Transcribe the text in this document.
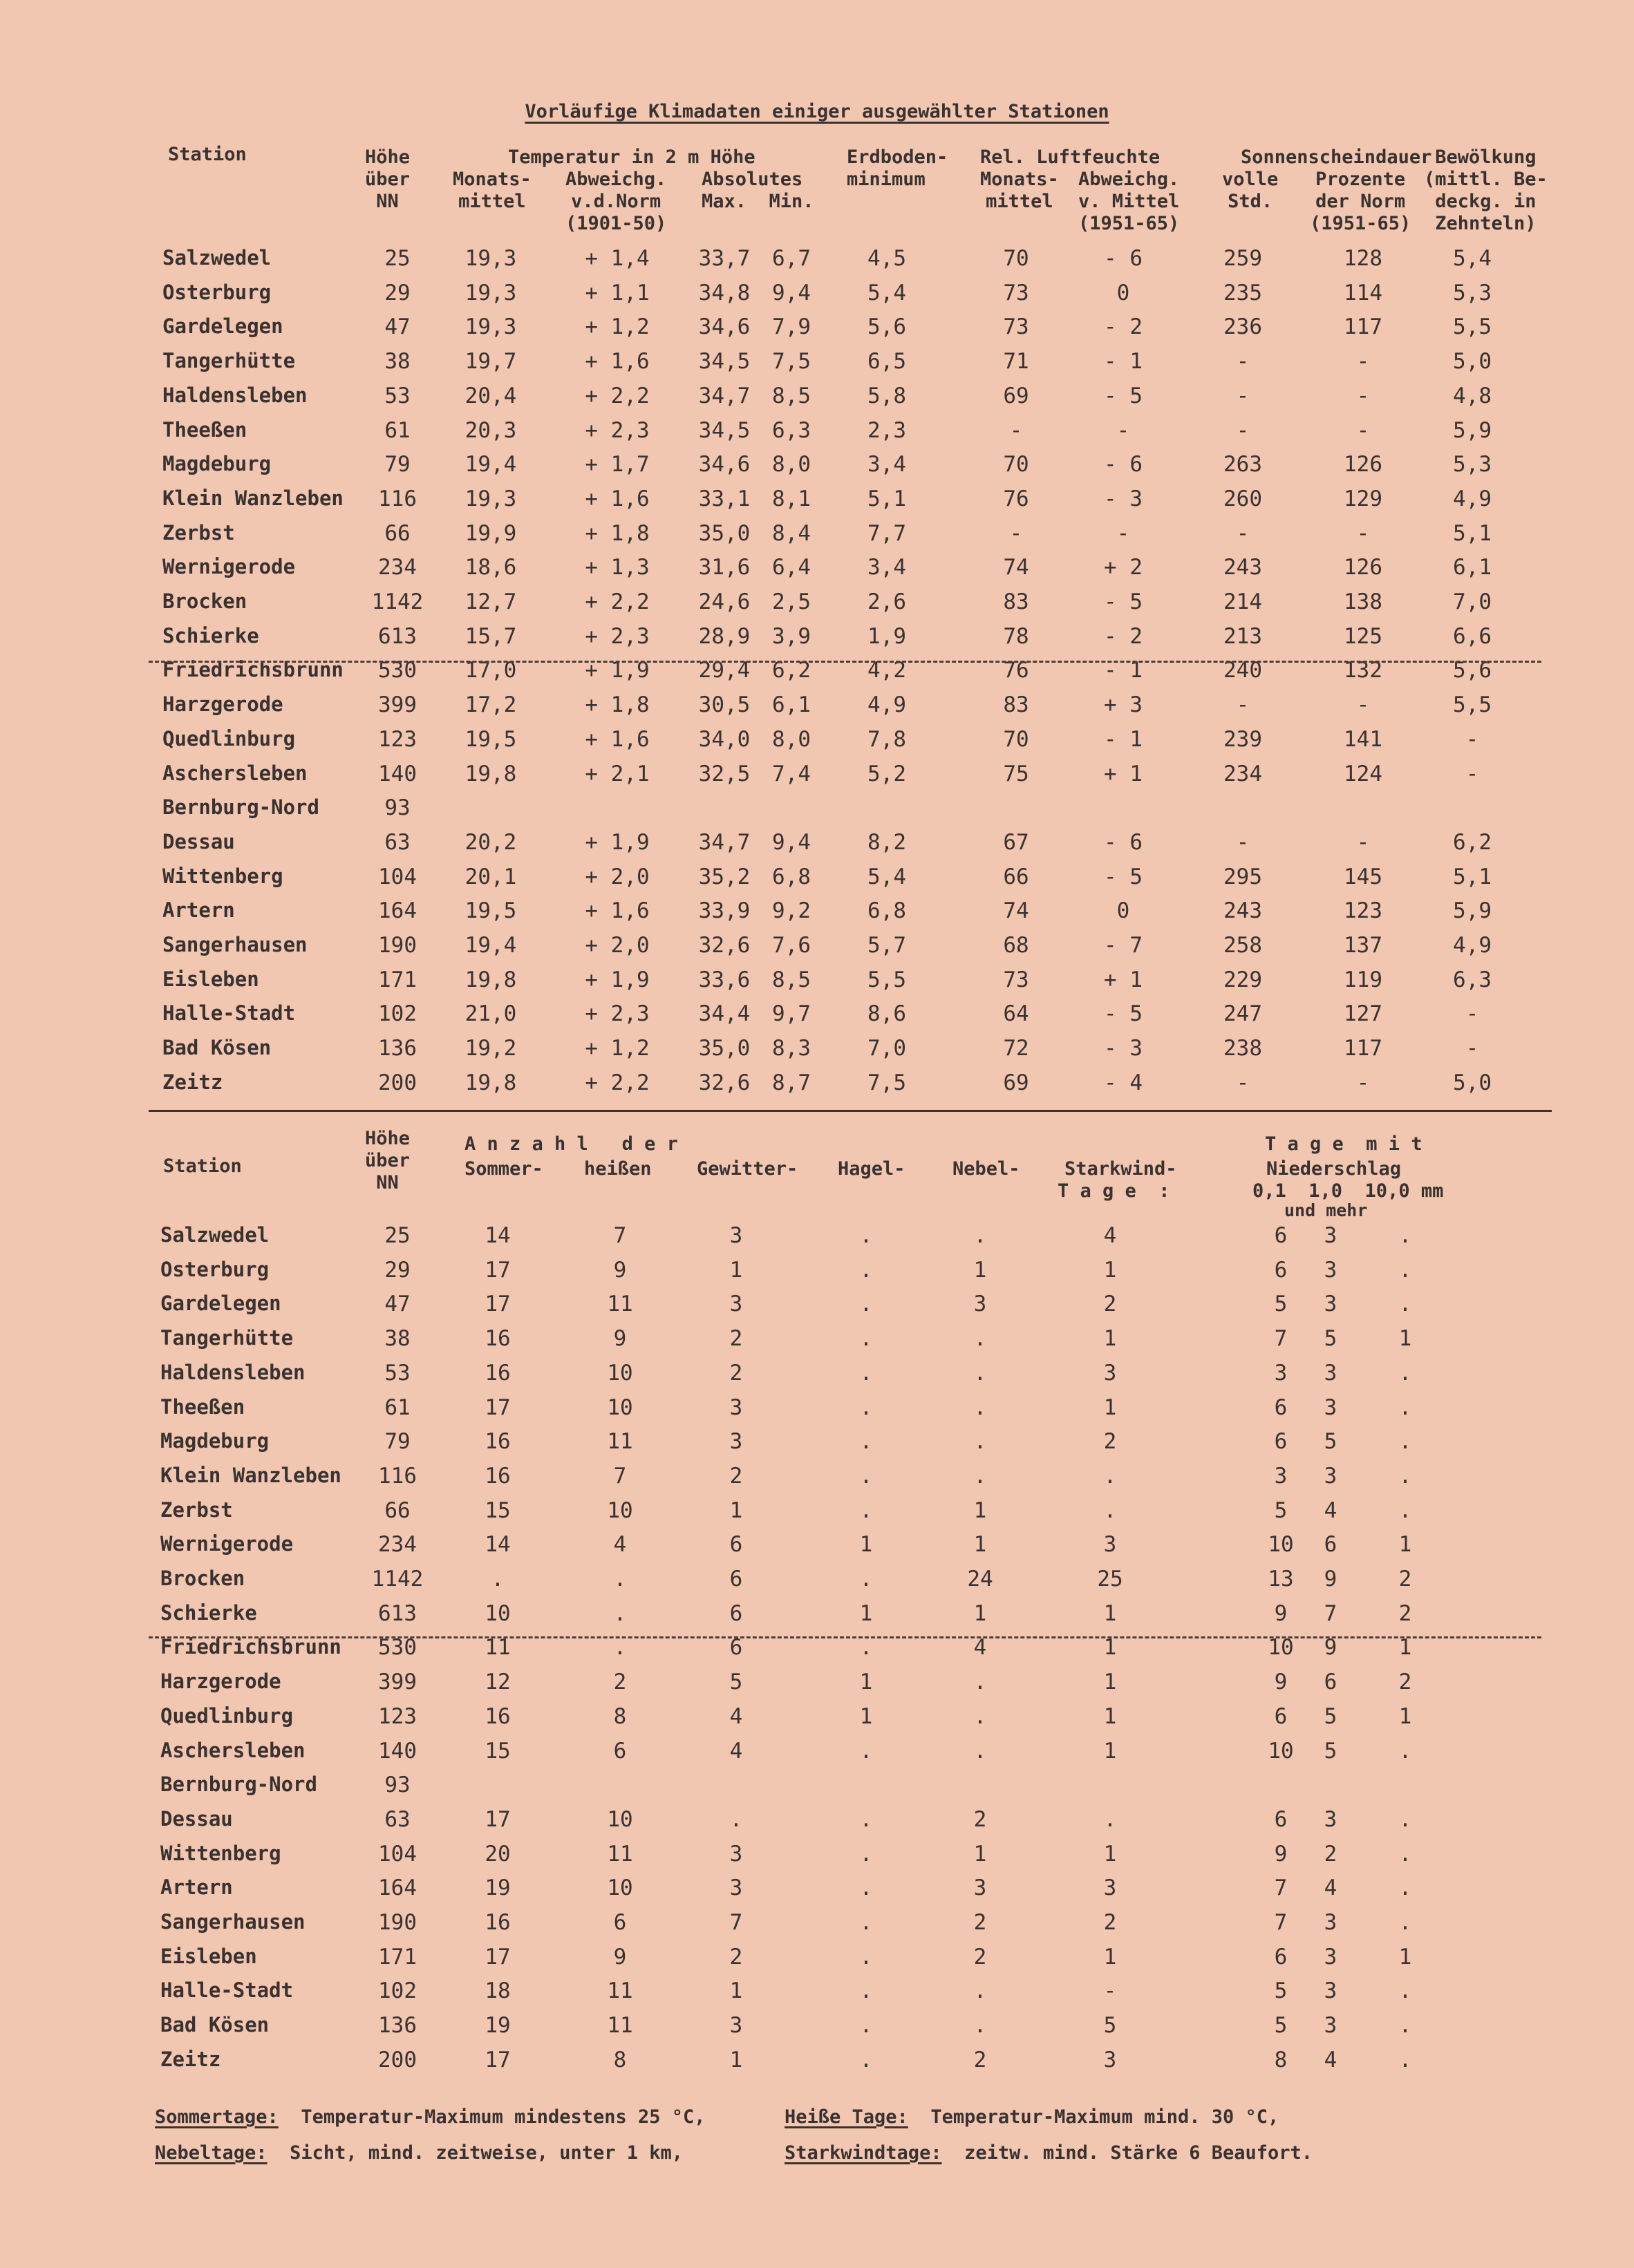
Vorläufige Klimadaten einiger ausgewählter Stationen
Station	Höhe
über
NN
Temperatur in 2 m Höhe
Monats-
mittel
Abweichg.
v.d.Norm
(1901-50)
Absolutes
Max.  Min.
Erdboden-
minimum
Rel. Luftfeuchte
Monats-
mittel
Abweichg.
v. Mittel
(1951-65)
Sonnenscheindauer
volle
Std.
Prozente
der Norm
(1951-65)
Bewölkung
(mittl. Be-
deckg. in
Zehnteln)
Salzwedel	25	19,3	+ 1,4 33,7 6,7	4,5	70	- 6	259	128	5,4
Osterburg	29	19,3	+ 1,1 34,8 9,4	5,4	73	0	235	114	5,3
Gardelegen	47	19,3	+ 1,2 34,6 7,9	5,6	73	- 2	236	117	5,5
Tangerhütte	38	19,7	+ 1,6 34,5 7,5	6,5	71	- 1	-	-	5,0
Haldensleben	53	20,4	+ 2,2 34,7 8,5	5,8	69	- 5	-	-	4,8
Theeßen	61	20,3	+ 2,3 34,5 6,3	2,3	-	-	-	-	5,9
Magdeburg	79	19,4	+ 1,7 34,6 8,0	3,4	70	- 6	263	126	5,3
Klein Wanzleben 116 19,3	+ 1,6 33,1 8,1	5,1	76	- 3	260	129	4,9
Zerbst	66	19,9	+ 1,8 35,0 8,4	7,7	-	-	-	-	5,1
Wernigerode	234 18,6	+ 1,3 31,6 6,4	3,4	74	+ 2	243	126	6,1
Brocken	1142 12,7	+ 2,2 24,6 2,5	2,6	83	- 5	214	138	7,0
Schierke	613 15,7	+ 2,3 28,9 3,9	1,9	78	- 2	213	125	6,6
Friedrichsbrunn 530 17,0	+ 1,9 29,4 6,2	4,2	76	- 1	240	132	5,6
Harzgerode	399 17,2	+ 1,8 30,5 6,1	4,9	83	+ 3	-	-	5,5
Quedlinburg	123 19,5	+ 1,6 34,0 8,0	7,8	70	- 1	239	141	-
Aschersleben	140 19,8	+ 2,1 32,5 7,4	5,2	75	+ 1	234	124	-
Bernburg-Nord	93
Dessau	63	20,2	+ 1,9 34,7 9,4	8,2	67	- 6	-	-	6,2
Wittenberg	104 20,1	+ 2,0 35,2 6,8	5,4	66	- 5	295	145	5,1
Artern	164 19,5	+ 1,6 33,9 9,2	6,8	74	0	243	123	5,9
Sangerhausen	190 19,4	+ 2,0 32,6 7,6	5,7	68	- 7	258	137	4,9
Eisleben	171 19,8	+ 1,9 33,6 8,5	5,5	73	+ 1	229	119	6,3
Halle-Stadt	102 21,0	+ 2,3 34,4 9,7	8,6	64	- 5	247	127	-
Bad Kösen	136 19,2	+ 1,2 35,0 8,3	7,0	72	- 3	238	117	-
Zeitz	200 19,8	+ 2,2 32,6 8,7	7,5	69	- 4	-	-	5,0
Station
Höhe
über
NN
A n z a h l   d e r
Sommer- heißen Gewitter- Hagel-	Nebel- Starkwind-
T a g e  :
T a g e  m i t
Niederschlag
0,1  1,0  10,0 mm
und mehr
Salzwedel	25	14	7	3	.	.	4	6 3	.
Osterburg	29	17	9	1	.	1	1	6 3	.
Gardelegen	47	17	11	3	.	3	2	5 3	.
Tangerhütte	38	16	9	2	.	.	1	7 5	1
Haldensleben	53	16	10	2	.	.	3	3 3	.
Theeßen	61	17	10	3	.	.	1	6 3	.
Magdeburg	79	16	11	3	.	.	2	6 5	.
Klein Wanzleben 116	16	7	2	.	.	.	3 3	.
Zerbst	66	15	10	1	.	1	.	5 4	.
Wernigerode	234	14	4	6	1	1	3	10 6	1
Brocken	1142	.	.	6	.	24	25	13 9	2
Schierke	613	10	.	6	1	1	1	9 7	2
Friedrichsbrunn 530	11	.	6	.	4	1	10 9	1
Harzgerode	399	12	2	5	1	.	1	9 6	2
Quedlinburg	123	16	8	4	1	.	1	6 5	1
Aschersleben	140	15	6	4	.	.	1	10 5	.
Bernburg-Nord	93
Dessau	63	17	10	.	.	2	.	6 3	.
Wittenberg	104	20	11	3	.	1	1	9 2	.
Artern	164	19	10	3	.	3	3	7 4	.
Sangerhausen	190	16	6	7	.	2	2	7 3	.
Eisleben	171	17	9	2	.	2	1	6 3	1
Halle-Stadt	102	18	11	1	.	.	-	5 3	.
Bad Kösen	136	19	11	3	.	.	5	5 3	.
Zeitz	200	17	8	1	.	2	3	8 4	.
Sommertage: Temperatur-Maximum mindestens 25 °C,	Heiße Tage: Temperatur-Maximum mind. 30 °C,
Nebeltage: Sicht, mind. zeitweise, unter 1 km,	Starkwindtage: zeitw. mind. Stärke 6 Beaufort.
